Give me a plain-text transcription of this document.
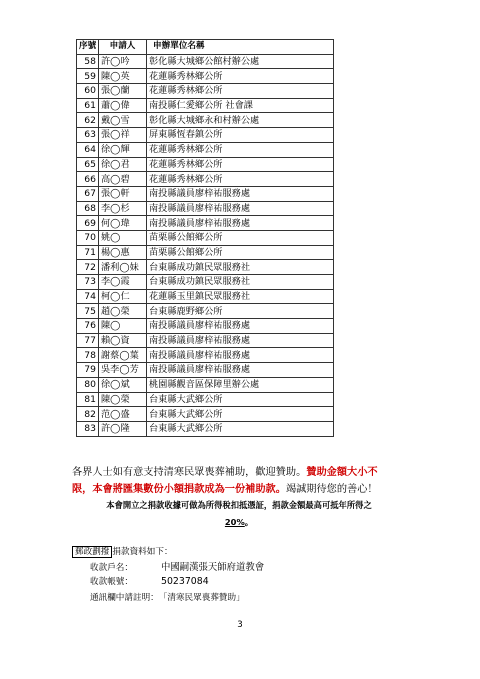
序號	申請人	申辦單位名稱
58	許◯吟	彰化縣大城鄉公館村辦公處
59	陳◯英	花蓮縣秀林鄉公所
60	張◯蘭	花蓮縣秀林鄉公所
61	蕭◯偉	南投縣仁愛鄉公所 社會課
62	戴◯雪	彰化縣大城鄉永和村辦公處
63	張◯祥	屏東縣恆春鎮公所
64	徐◯輝	花蓮縣秀林鄉公所
65	徐◯君	花蓮縣秀林鄉公所
66	高◯碧	花蓮縣秀林鄉公所
67	張◯軒	南投縣議員廖梓祐服務處
68	李◯杉	南投縣議員廖梓祐服務處
69	何◯瑋	南投縣議員廖梓祐服務處
70	姚◯	苗栗縣公館鄉公所
71	楊◯惠	苗栗縣公館鄉公所
72	潘利◯妹	台東縣成功鎮民眾服務社
73	李◯霞	台東縣成功鎮民眾服務社
74	柯◯仁	花蓮縣玉里鎮民眾服務社
75	趙◯榮	台東縣鹿野鄉公所
76	陳◯	南投縣議員廖梓祐服務處
77	賴◯資	南投縣議員廖梓祐服務處
78	謝蔡◯葉	南投縣議員廖梓祐服務處
79	吳李◯芳	南投縣議員廖梓祐服務處
80	徐◯斌	桃園縣觀音區保障里辦公處
81	陳◯榮	台東縣大武鄉公所
82	范◯盛	台東縣大武鄉公所
83	許◯隆	台東縣大武鄉公所
各界人士如有意支持清寒民眾喪葬補助，歡迎贊助。贊助金額大小不
限，本會將匯集數份小額捐款成為一份補助款。竭誠期待您的善心！
本會開立之捐款收據可做為所得稅扣抵憑証，捐款金額最高可抵年所得之
20%。
郵政劃撥 捐款資料如下：
收款戶名：	中國嗣漢張天師府道教會
收款帳號：	50237084
通訊欄中請註明：「清寒民眾喪葬贊助」
3
